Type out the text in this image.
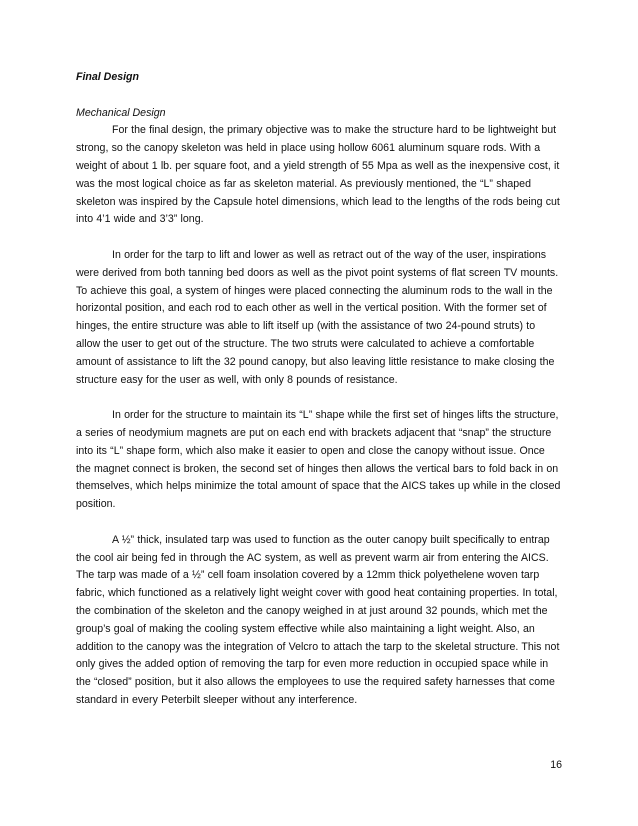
Final Design

Mechanical Design

For the final design, the primary objective was to make the structure hard to be lightweight but strong, so the canopy skeleton was held in place using hollow 6061 aluminum square rods. With a weight of about 1 lb. per square foot, and a yield strength of 55 Mpa as well as the inexpensive cost, it was the most logical choice as far as skeleton material. As previously mentioned, the “L” shaped skeleton was inspired by the Capsule hotel dimensions, which lead to the lengths of the rods being cut into 4’1 wide and 3’3” long.

In order for the tarp to lift and lower as well as retract out of the way of the user, inspirations were derived from both tanning bed doors as well as the pivot point systems of flat screen TV mounts. To achieve this goal, a system of hinges were placed connecting the aluminum rods to the wall in the horizontal position, and each rod to each other as well in the vertical position. With the former set of hinges, the entire structure was able to lift itself up (with the assistance of two 24-pound struts) to allow the user to get out of the structure. The two struts were calculated to achieve a comfortable amount of assistance to lift the 32 pound canopy, but also leaving little resistance to make closing the structure easy for the user as well, with only 8 pounds of resistance.

In order for the structure to maintain its “L” shape while the first set of hinges lifts the structure, a series of neodymium magnets are put on each end with brackets adjacent that “snap” the structure into its “L” shape form, which also make it easier to open and close the canopy without issue. Once the magnet connect is broken, the second set of hinges then allows the vertical bars to fold back in on themselves, which helps minimize the total amount of space that the AICS takes up while in the closed position.

A ½” thick, insulated tarp was used to function as the outer canopy built specifically to entrap the cool air being fed in through the AC system, as well as prevent warm air from entering the AICS. The tarp was made of a ½” cell foam insolation covered by a 12mm thick polyethelene woven tarp fabric, which functioned as a relatively light weight cover with good heat containing properties. In total, the combination of the skeleton and the canopy weighed in at just around 32 pounds, which met the group’s goal of making the cooling system effective while also maintaining a light weight. Also, an addition to the canopy was the integration of Velcro to attach the tarp to the skeletal structure. This not only gives the added option of removing the tarp for even more reduction in occupied space while in the “closed” position, but it also allows the employees to use the required safety harnesses that come standard in every Peterbilt sleeper without any interference.

16
